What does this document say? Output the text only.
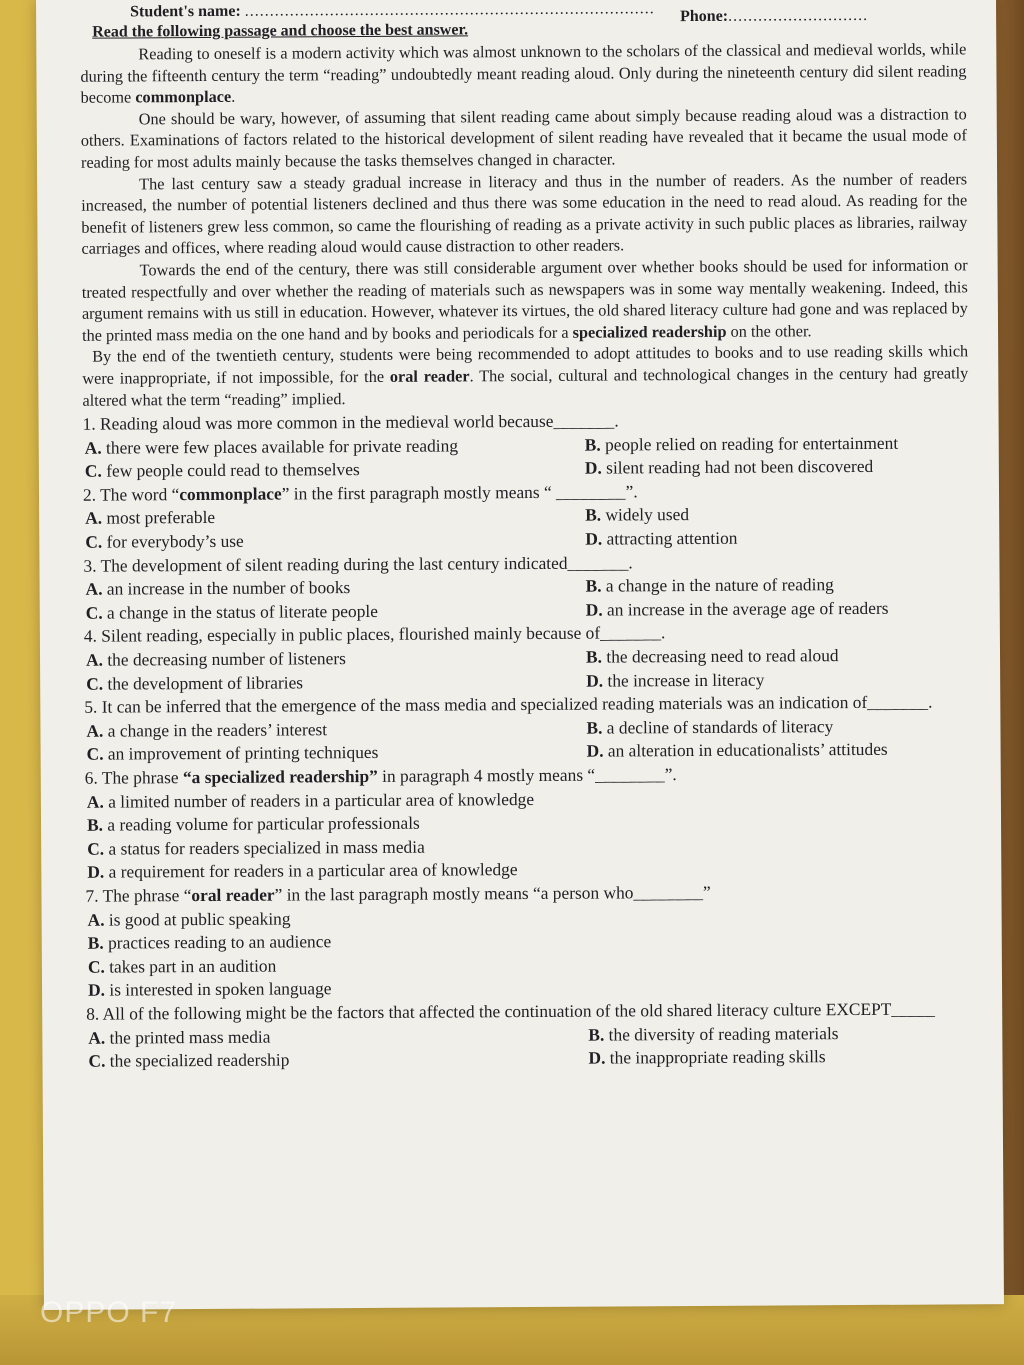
Student's name: .................................................................................. Phone:............................
Read the following passage and choose the best answer.

Reading to oneself is a modern activity which was almost unknown to the scholars of the classical and medieval worlds, while during the fifteenth century the term “reading” undoubtedly meant reading aloud. Only during the nineteenth century did silent reading become commonplace.

One should be wary, however, of assuming that silent reading came about simply because reading aloud was a distraction to others. Examinations of factors related to the historical development of silent reading have revealed that it became the usual mode of reading for most adults mainly because the tasks themselves changed in character.

The last century saw a steady gradual increase in literacy and thus in the number of readers. As the number of readers increased, the number of potential listeners declined and thus there was some education in the need to read aloud. As reading for the benefit of listeners grew less common, so came the flourishing of reading as a private activity in such public places as libraries, railway carriages and offices, where reading aloud would cause distraction to other readers.

Towards the end of the century, there was still considerable argument over whether books should be used for information or treated respectfully and over whether the reading of materials such as newspapers was in some way mentally weakening. Indeed, this argument remains with us still in education. However, whatever its virtues, the old shared literacy culture had gone and was replaced by the printed mass media on the one hand and by books and periodicals for a specialized readership on the other.

By the end of the twentieth century, students were being recommended to adopt attitudes to books and to use reading skills which were inappropriate, if not impossible, for the oral reader. The social, cultural and technological changes in the century had greatly altered what the term “reading” implied.

1. Reading aloud was more common in the medieval world because_______.
A. there were few places available for private reading	B. people relied on reading for entertainment
C. few people could read to themselves	D. silent reading had not been discovered
2. The word “commonplace” in the first paragraph mostly means “ ________”.
A. most preferable	B. widely used
C. for everybody’s use	D. attracting attention
3. The development of silent reading during the last century indicated_______.
A. an increase in the number of books	B. a change in the nature of reading
C. a change in the status of literate people	D. an increase in the average age of readers
4. Silent reading, especially in public places, flourished mainly because of_______.
A. the decreasing number of listeners	B. the decreasing need to read aloud
C. the development of libraries	D. the increase in literacy
5. It can be inferred that the emergence of the mass media and specialized reading materials was an indication of_______.
A. a change in the readers’ interest	B. a decline of standards of literacy
C. an improvement of printing techniques	D. an alteration in educationalists’ attitudes
6. The phrase “a specialized readership” in paragraph 4 mostly means “________”.
A. a limited number of readers in a particular area of knowledge
B. a reading volume for particular professionals
C. a status for readers specialized in mass media
D. a requirement for readers in a particular area of knowledge
7. The phrase “oral reader” in the last paragraph mostly means “a person who________”
A. is good at public speaking
B. practices reading to an audience
C. takes part in an audition
D. is interested in spoken language
8. All of the following might be the factors that affected the continuation of the old shared literacy culture EXCEPT_____
A. the printed mass media	B. the diversity of reading materials
C. the specialized readership	D. the inappropriate reading skills
OPPO F7
